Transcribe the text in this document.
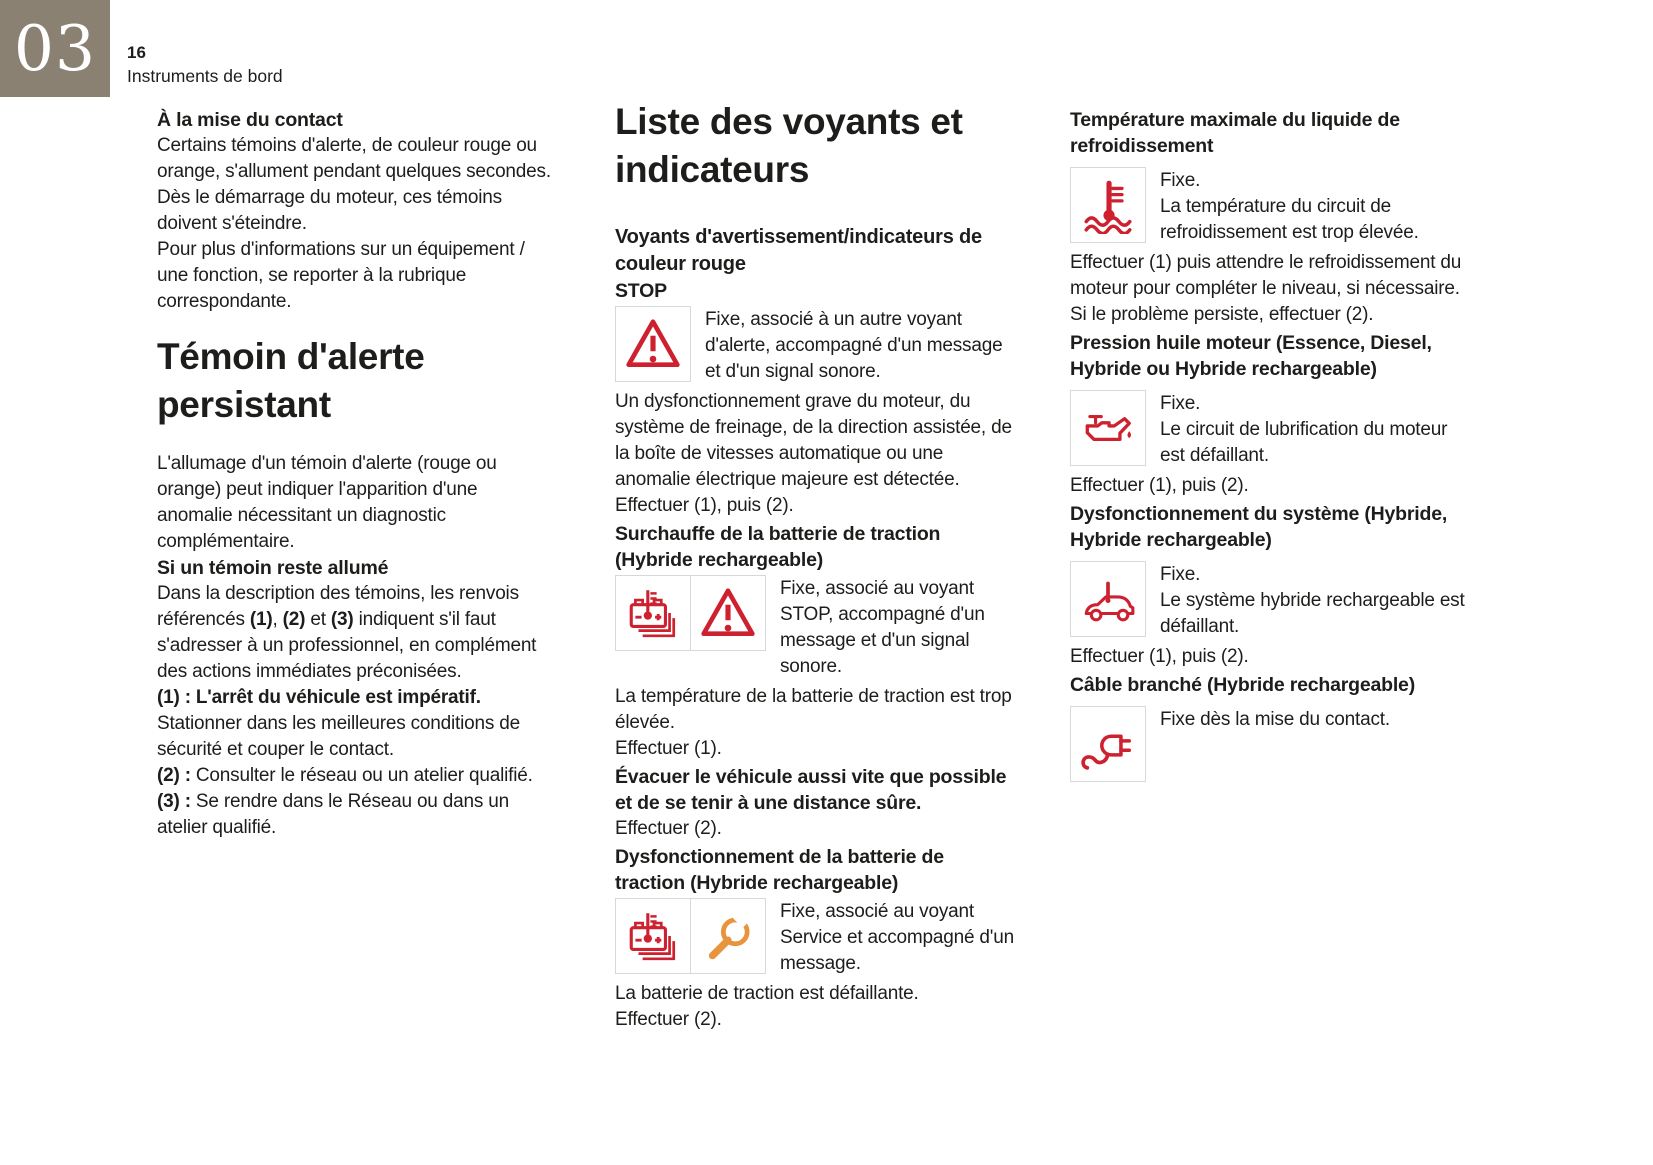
03 16
Instruments de bord

À la mise du contact

Certains témoins d'alerte, de couleur rouge ou orange, s'allument pendant quelques secondes. Dès le démarrage du moteur, ces témoins doivent s'éteindre.

Pour plus d'informations sur un équipement / une fonction, se reporter à la rubrique correspondante.

Témoin d'alerte persistant

L'allumage d'un témoin d'alerte (rouge ou orange) peut indiquer l'apparition d'une anomalie nécessitant un diagnostic complémentaire.

Si un témoin reste allumé

Dans la description des témoins, les renvois référencés (1), (2) et (3) indiquent s'il faut s'adresser à un professionnel, en complément des actions immédiates préconisées.

(1) : L'arrêt du véhicule est impératif. Stationner dans les meilleures conditions de sécurité et couper le contact.

(2) : Consulter le réseau ou un atelier qualifié.

(3) : Se rendre dans le Réseau ou dans un atelier qualifié.

Liste des voyants et indicateurs

Voyants d'avertissement/indicateurs de couleur rouge

STOP

Fixe, associé à un autre voyant d'alerte, accompagné d'un message et d'un signal sonore.

Un dysfonctionnement grave du moteur, du système de freinage, de la direction assistée, de la boîte de vitesses automatique ou une anomalie électrique majeure est détectée.

Effectuer (1), puis (2).

Surchauffe de la batterie de traction (Hybride rechargeable)

Fixe, associé au voyant STOP, accompagné d'un message et d'un signal sonore.

La température de la batterie de traction est trop élevée.

Effectuer (1).

Évacuer le véhicule aussi vite que possible et de se tenir à une distance sûre.

Effectuer (2).

Dysfonctionnement de la batterie de traction (Hybride rechargeable)

Fixe, associé au voyant Service et accompagné d'un message.

La batterie de traction est défaillante.

Effectuer (2).

Température maximale du liquide de refroidissement

Fixe.

La température du circuit de refroidissement est trop élevée.

Effectuer (1) puis attendre le refroidissement du moteur pour compléter le niveau, si nécessaire. Si le problème persiste, effectuer (2).

Pression huile moteur (Essence, Diesel, Hybride ou Hybride rechargeable)

Fixe.

Le circuit de lubrification du moteur est défaillant.

Effectuer (1), puis (2).

Dysfonctionnement du système (Hybride, Hybride rechargeable)

Fixe.

Le système hybride rechargeable est défaillant.

Effectuer (1), puis (2).

Câble branché (Hybride rechargeable)

Fixe dès la mise du contact.
